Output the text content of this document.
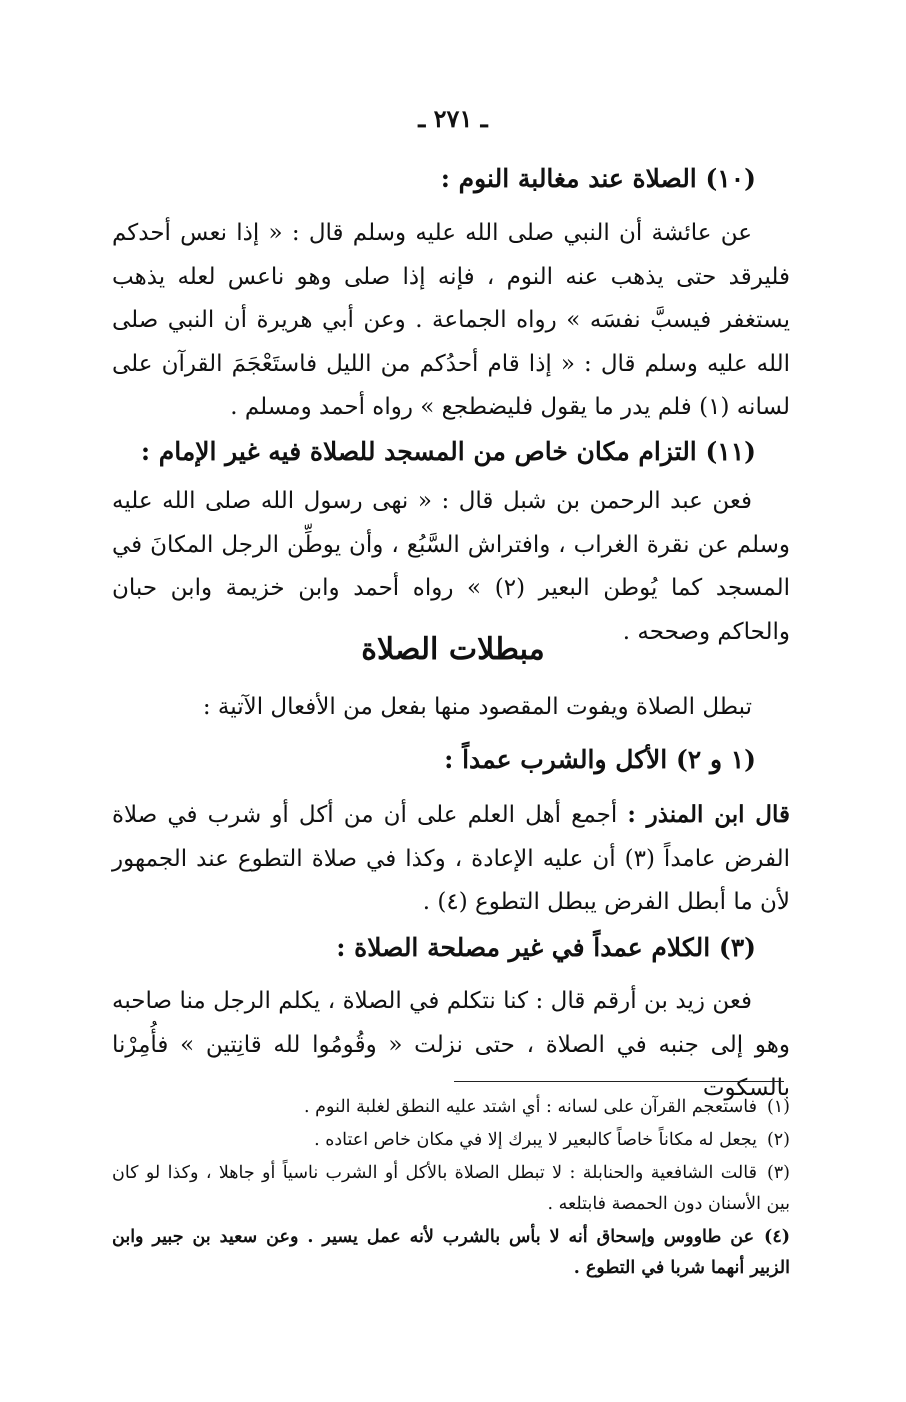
ـ ٢٧١ ـ
(١٠) الصلاة عند مغالبة النوم :

عن عائشة أن النبي صلى الله عليه وسلم قال : « إذا نعس أحدكم فليرقد حتى يذهب عنه النوم ، فإنه إذا صلى وهو ناعس لعله يذهب يستغفر فيسبَّ نفسَه » رواه الجماعة . وعن أبي هريرة أن النبي صلى الله عليه وسلم قال : « إذا قام أحدُكم من الليل فاستَعْجَمَ القرآن على لسانه (١) فلم يدر ما يقول فليضطجع » رواه أحمد ومسلم .

(١١) التزام مكان خاص من المسجد للصلاة فيه غير الإمام :

فعن عبد الرحمن بن شبل قال : « نهى رسول الله صلى الله عليه وسلم عن نقرة الغراب ، وافتراش السَّبُع ، وأن يوطِّن الرجل المكانَ في المسجد كما يُوطن البعير (٢) » رواه أحمد وابن خزيمة وابن حبان والحاكم وصححه .

مبطلات الصلاة

تبطل الصلاة ويفوت المقصود منها بفعل من الأفعال الآتية :

(١ و ٢) الأكل والشرب عمداً :

قال ابن المنذر : أجمع أهل العلم على أن من أكل أو شرب في صلاة الفرض عامداً (٣) أن عليه الإعادة ، وكذا في صلاة التطوع عند الجمهور لأن ما أبطل الفرض يبطل التطوع (٤) .

(٣) الكلام عمداً في غير مصلحة الصلاة :

فعن زيد بن أرقم قال : كنا نتكلم في الصلاة ، يكلم الرجل منا صاحبه وهو إلى جنبه في الصلاة ، حتى نزلت « وقُومُوا لله قانِتين » فأُمِرْنا بالسكوت

(١)فاستعجم القرآن على لسانه : أي اشتد عليه النطق لغلبة النوم .

(٢)يجعل له مكاناً خاصاً كالبعير لا يبرك إلا في مكان خاص اعتاده .

(٣)قالت الشافعية والحنابلة : لا تبطل الصلاة بالأكل أو الشرب ناسياً أو جاهلا ، وكذا لو كان بين الأسنان دون الحمصة فابتلعه .

(٤)عن طاووس وإسحاق أنه لا بأس بالشرب لأنه عمل يسير . وعن سعيد بن جبير وابن الزبير أنهما شربا في التطوع .
